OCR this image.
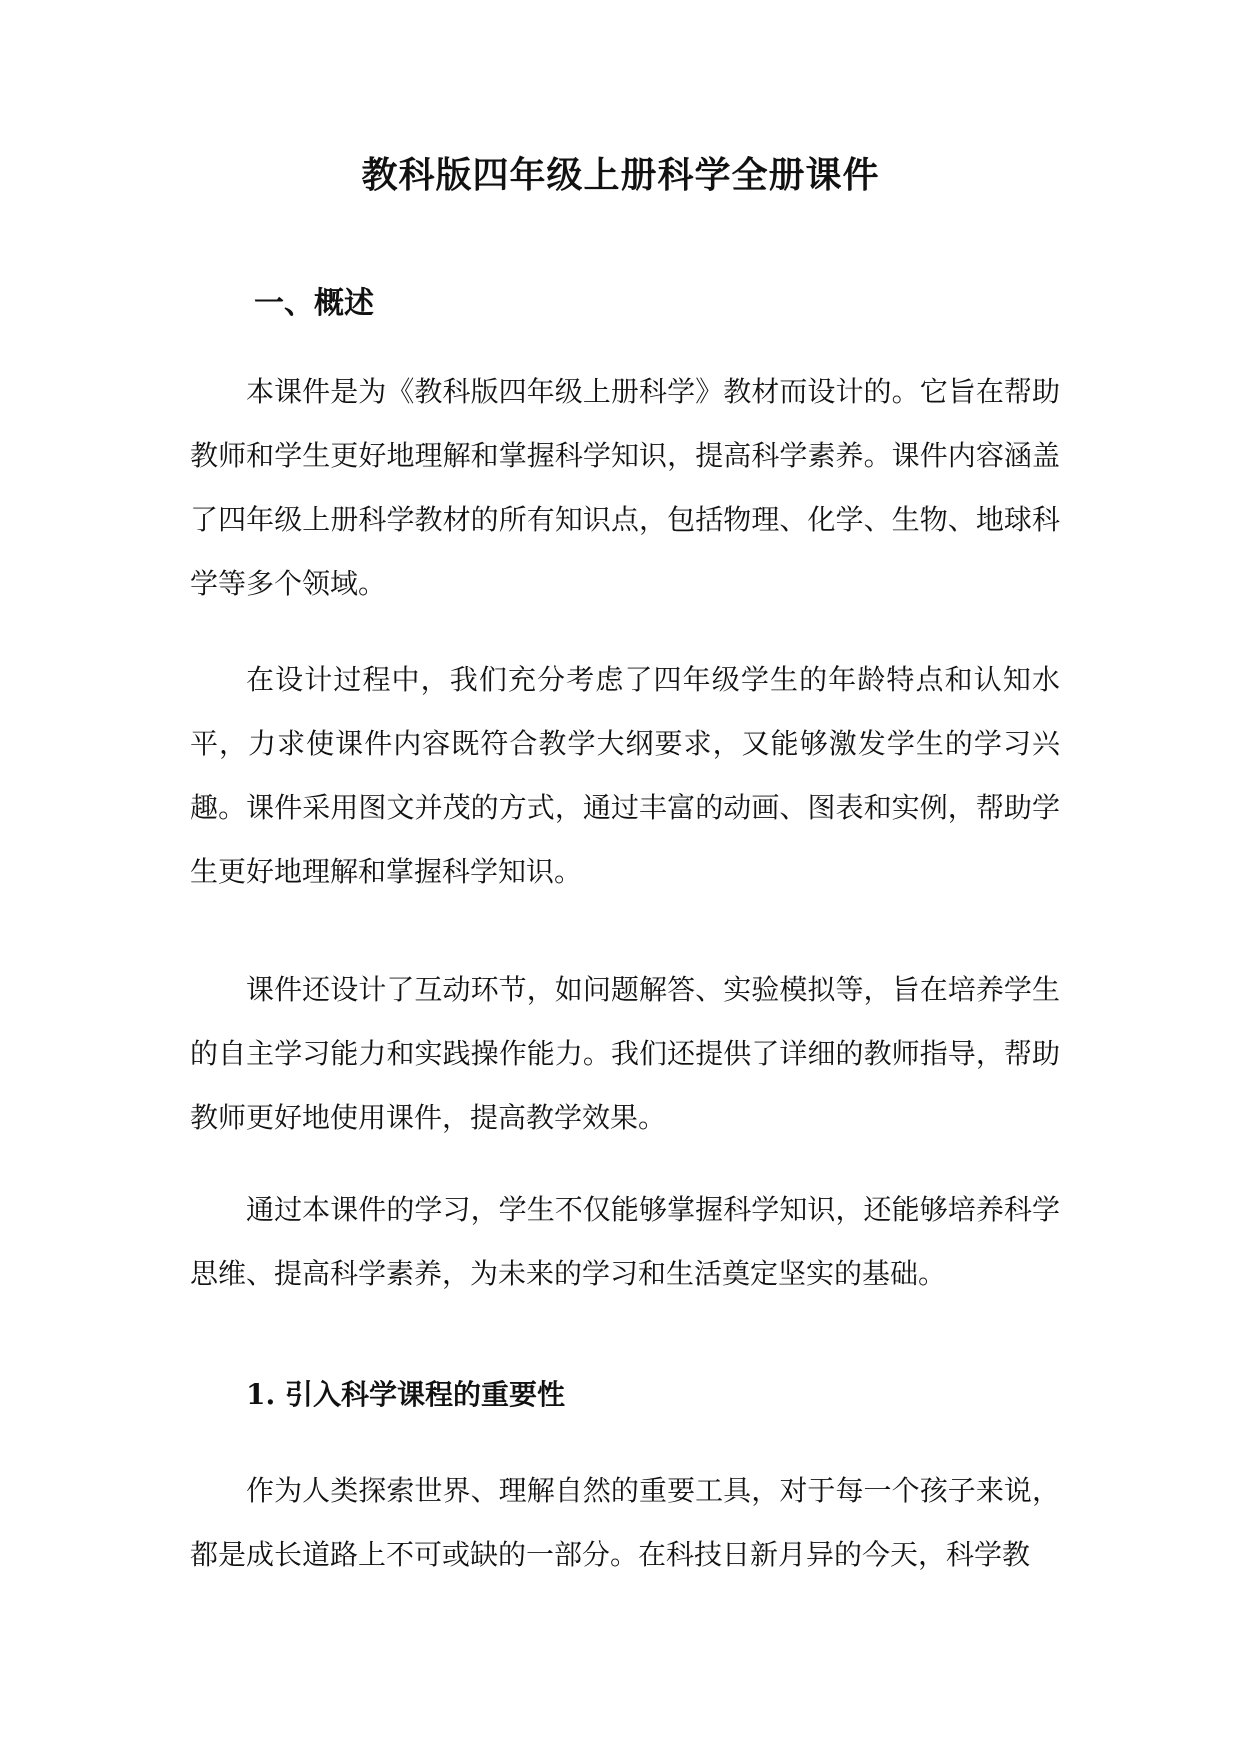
教科版四年级上册科学全册课件
一、概述

本课件是为《教科版四年级上册科学》教材而设计的。它旨在帮助教师和学生更好地理解和掌握科学知识，提高科学素养。课件内容涵盖了四年级上册科学教材的所有知识点，包括物理、化学、生物、地球科学等多个领域。

在设计过程中，我们充分考虑了四年级学生的年龄特点和认知水平，力求使课件内容既符合教学大纲要求，又能够激发学生的学习兴趣。课件采用图文并茂的方式，通过丰富的动画、图表和实例，帮助学生更好地理解和掌握科学知识。

课件还设计了互动环节，如问题解答、实验模拟等，旨在培养学生的自主学习能力和实践操作能力。我们还提供了详细的教师指导，帮助教师更好地使用课件，提高教学效果。

通过本课件的学习，学生不仅能够掌握科学知识，还能够培养科学思维、提高科学素养，为未来的学习和生活奠定坚实的基础。

1. 引入科学课程的重要性

作为人类探索世界、理解自然的重要工具，对于每一个孩子来说，都是成长道路上不可或缺的一部分。在科技日新月异的今天，科学教
